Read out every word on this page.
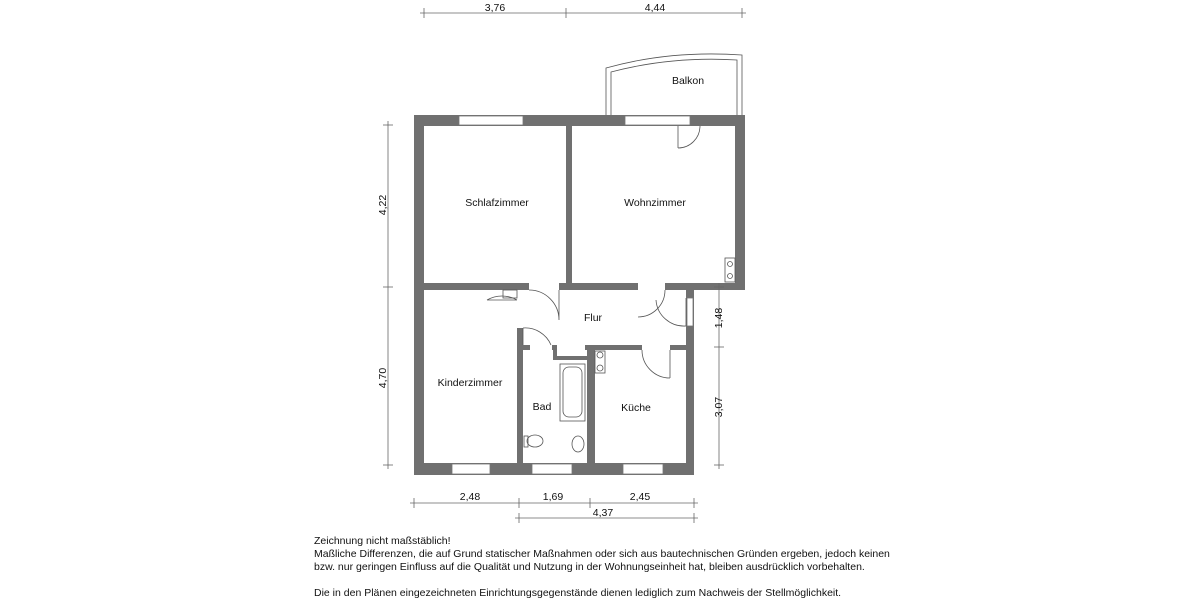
Balkon
Schlafzimmer	Wohnzimmer
Flur
Kinderzimmer
Bad	Küche
3,76	4,44
4,22
4,70
1,48
3,07
2,48	1,69	2,45
4,37

Zeichnung nicht maßstäblich!

Maßliche Differenzen, die auf Grund statischer Maßnahmen oder sich aus bautechnischen Gründen ergeben, jedoch keinen

bzw. nur geringen Einfluss auf die Qualität und Nutzung in der Wohnungseinheit hat, bleiben ausdrücklich vorbehalten.

Die in den Plänen eingezeichneten Einrichtungsgegenstände dienen lediglich zum Nachweis der Stellmöglichkeit.
